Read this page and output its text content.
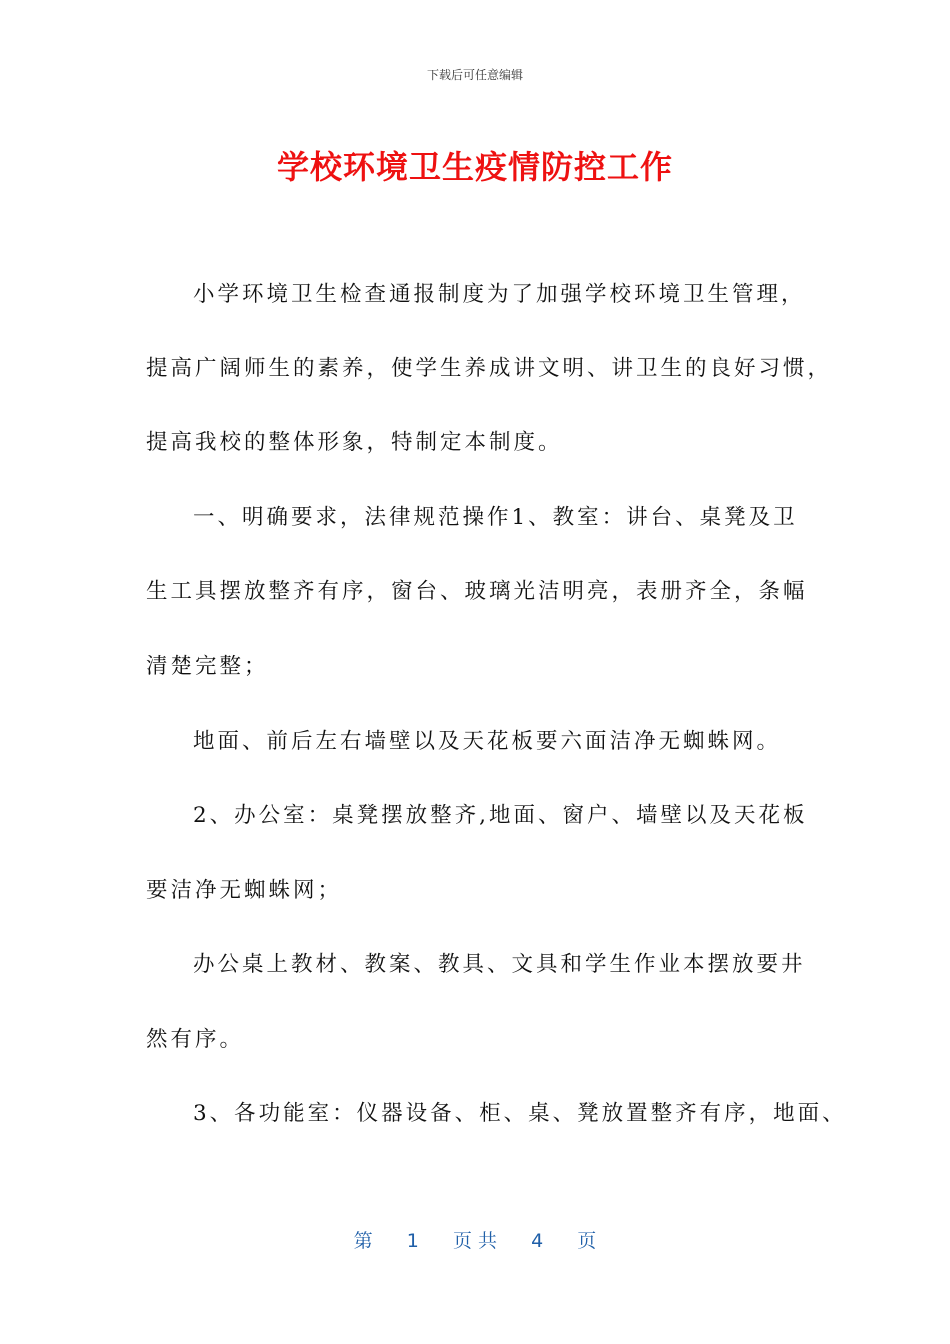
下载后可任意编辑
学校环境卫生疫情防控工作
小学环境卫生检查通报制度为了加强学校环境卫生管理，
提高广阔师生的素养，使学生养成讲文明、讲卫生的良好习惯，
提高我校的整体形象，特制定本制度。
一、明确要求，法律规范操作1、教室：讲台、桌凳及卫
生工具摆放整齐有序，窗台、玻璃光洁明亮，表册齐全，条幅
清楚完整；
地面、前后左右墙壁以及天花板要六面洁净无蜘蛛网。
2、办公室：桌凳摆放整齐,地面、窗户、墙壁以及天花板
要洁净无蜘蛛网；
办公桌上教材、教案、教具、文具和学生作业本摆放要井
然有序。
3、各功能室：仪器设备、柜、桌、凳放置整齐有序，地面、
第 1 页 共 4 页
